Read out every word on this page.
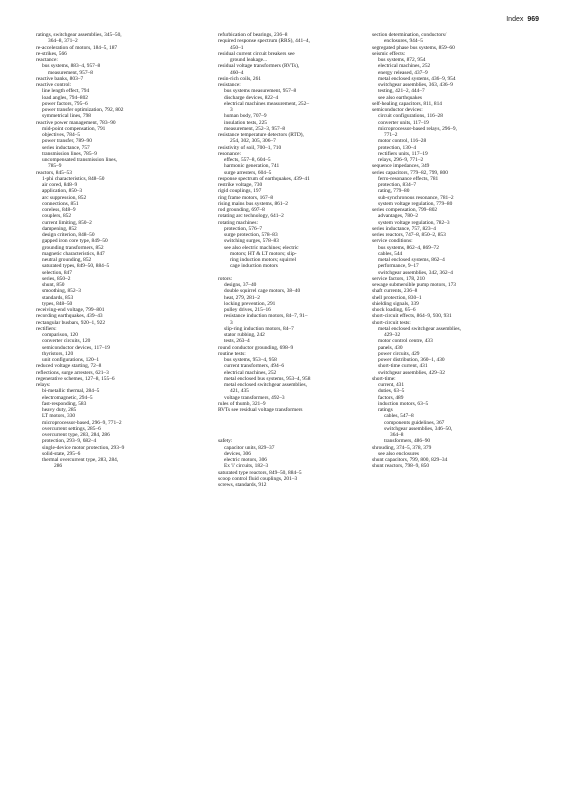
Index 969
ratings, switchgear assemblies, 345–50,
364–8, 371–2
re-acceleration of motors, 184–5, 187
re-strikes, 566
reactance:
bus systems, 883–4, 957–8
measurement, 957–8
reactive banks, 803–7
reactive control:
line length effect, 794
load angles, 794–802
power factors, 795–6
power transfer optimization, 792, 802
symmetrical lines, 798
reactive power management, 783–90
mid-point compensation, 791
objectives, 784–5
power transfer, 789–90
series inductance, 757
transmission lines, 785–9
uncompensated transmission lines,
785–9
reactors, 845–53
1-phi characteristics, 848–50
air cored, 848–9
application, 850–3
arc suppression, 852
connections, 851
coreless, 848–9
couplers, 852
current limiting, 850–2
dampening, 852
design criterion, 848–50
gapped iron core type, 849–50
grounding transformers, 852
magnetic characteristics, 847
neutral grounding, 852
saturated types, 849–50, 884–5
selection, 847
series, 850–2
shunt, 850
smoothing, 852–3
standards, 853
types, 848–50
receiving-end voltage, 799–801
recording earthquakes, 439–43
rectangular busbars, 920–1, 922
rectifiers:
comparison, 120
converter circuits, 120
semiconductor devices, 117–19
thyristors, 120
unit configurations, 120–1
reduced voltage starting, 72–8
reflections, surge arresters, 621–3
regenerative schemes, 127–8, 155–6
relays:
bi-metallic thermal, 284–5
electromagnetic, 294–5
fast-responding, 583
heavy duty, 285
LT motors, 330
microprocessor-based, 296–9, 771–2
overcurrent settings, 285–6
overcurrent type, 283, 284, 286
protection, 293–9, 682–4
single-device motor protection, 293–9
solid-state, 295–6
thermal overcurrent type, 283, 284,
286
refurbication of bearings, 236–8
required response spectrum (RRS), 441–4,
450–1
residual current circuit breakers see
ground leakage...
residual voltage transformers (RVTs),
460–4
resin-rich coils, 261
resistance:
bus systems measurement, 957–8
discharge devices, 822–4
electrical machines measurement, 252–
3
human body, 707–9
insulation tests, 225
measurement, 252–3, 957–8
resistance temperature detectors (RTD),
254, 302, 305, 306–7
resistivity of soil, 700–1, 710
resonance:
effects, 557–8, 604–5
harmonic generation, 741
surge arresters, 604–5
response spectrum of earthquakes, 439–41
restrike voltage, 730
rigid couplings, 197
ring frame motors, 167–8
rising mains bus systems, 861–2
rod grounding, 697–8
rotating arc technology, 641–2
rotating machines:
protection, 576–7
surge protection, 578–83
switching surges, 578–83
see also electric machines; electric
motors; HT & LT motors; slip-
ring induction motors; squirrel
cage induction motors
rotors:
designs, 37–40
double squirrel cage motors, 38–40
heat, 279, 281–2
locking prevention, 291
pulley drives, 215–16
resistance induction motors, 84–7, 91–
3
slip-ring induction motors, 84–7
stator rubbing, 242
tests, 263–4
round conductor grounding, 698–9
routine tests:
bus systems, 953–4, 958
current transformers, 494–6
electrical machines, 252
metal enclosed bus systems, 953–4, 958
metal enclosed switchgear assemblies,
421, 435
voltage transformers, 492–3
rules of thumb, 321–9
RVTs see residual voltage transformers
safety:
capacitor units, 829–37
devices, 306
electric motors, 306
Ex 'i' circuits, 182–3
saturated type reactors, 849–50, 884–5
scoop control fluid couplings, 201–3
screws, standards, 912
section determination, conductors/
enclosures, 944–5
segregated phase bus systems, 859–60
seismic effects:
bus systems, 872, 954
electrical machines, 252
energy released, 437–9
metal enclosed systems, 436–9, 954
switchgear assemblies, 363, 436–9
testing, 421–2, 444–7
see also earthquakes
self-healing capacitors, 811, 814
semiconductor devices:
circuit configurations, 116–28
converter units, 117–19
microprocessor-based relays, 296–9,
771–2
motor control, 116–28
protection, 130–4
rectifiers units, 117–19
relays, 296–9, 771–2
sequence impedances, 349
series capacitors, 779–82, 799, 800
ferro-resonance effects, 781
protection, 834–7
rating, 779–80
sub-synchronous resonance, 781–2
system voltage regulation, 779–80
series compensation, 799–802
advantages, 780–2
system voltage regulation, 782–3
series inductance, 757, 823–4
series reactors, 747–8, 850–2, 853
service conditions:
bus systems, 862–4, 869–72
cables, 544
metal enclosed systems, 862–4
performance, 9–17
switchgear assemblies, 342, 362–4
service factors, 178, 210
sewage submersible pump motors, 173
shaft currents, 236–8
shell protection, 830–1
shielding signals, 339
shock loading, 65–6
short-circuit effects, 864–9, 930, 931
short-circuit tests:
metal enclosed switchgear assemblies,
429–32
motor control centre, 433
panels, 430
power circuits, 429
power distribution, 360–1, 430
short-time current, 431
switchgear assemblies, 429–32
short-time:
current, 431
duties, 63–5
factors, 489
induction motors, 63–5
ratings
cables, 547–8
components guidelines, 367
switchgear assemblies, 346–50,
364–8
transformers, 486–90
shrouding, 374–5, 378, 379
see also enclosures
shunt capacitors, 799, 800, 829–34
shunt reactors, 798–9, 850
